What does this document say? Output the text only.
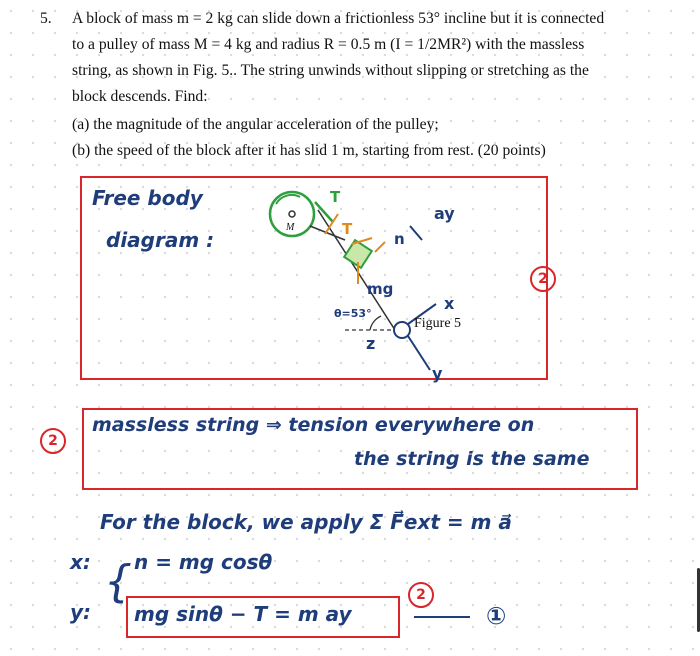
5. A block of mass m = 2 kg can slide down a frictionless 53° incline but it is connected
to a pulley of mass M = 4 kg and radius R = 0.5 m (I = 1/2MR²) with the massless
string, as shown in Fig. 5.. The string unwinds without slipping or stretching as the
block descends. Find:
(a) the magnitude of the angular acceleration of the pulley;
(b) the speed of the block after it has slid 1 m, starting from rest. (20 points)
Free body
diagram :
T
T
n
ay
mg
M
θ=53°
Figure 5
x
y
z
2
2
massless string ⇒ tension everywhere on
the string is the same
For the block, we apply Σ F⃗ext = m a⃗
x: { n = mg cosθ
y: mg sinθ − T = m ay
2
①
